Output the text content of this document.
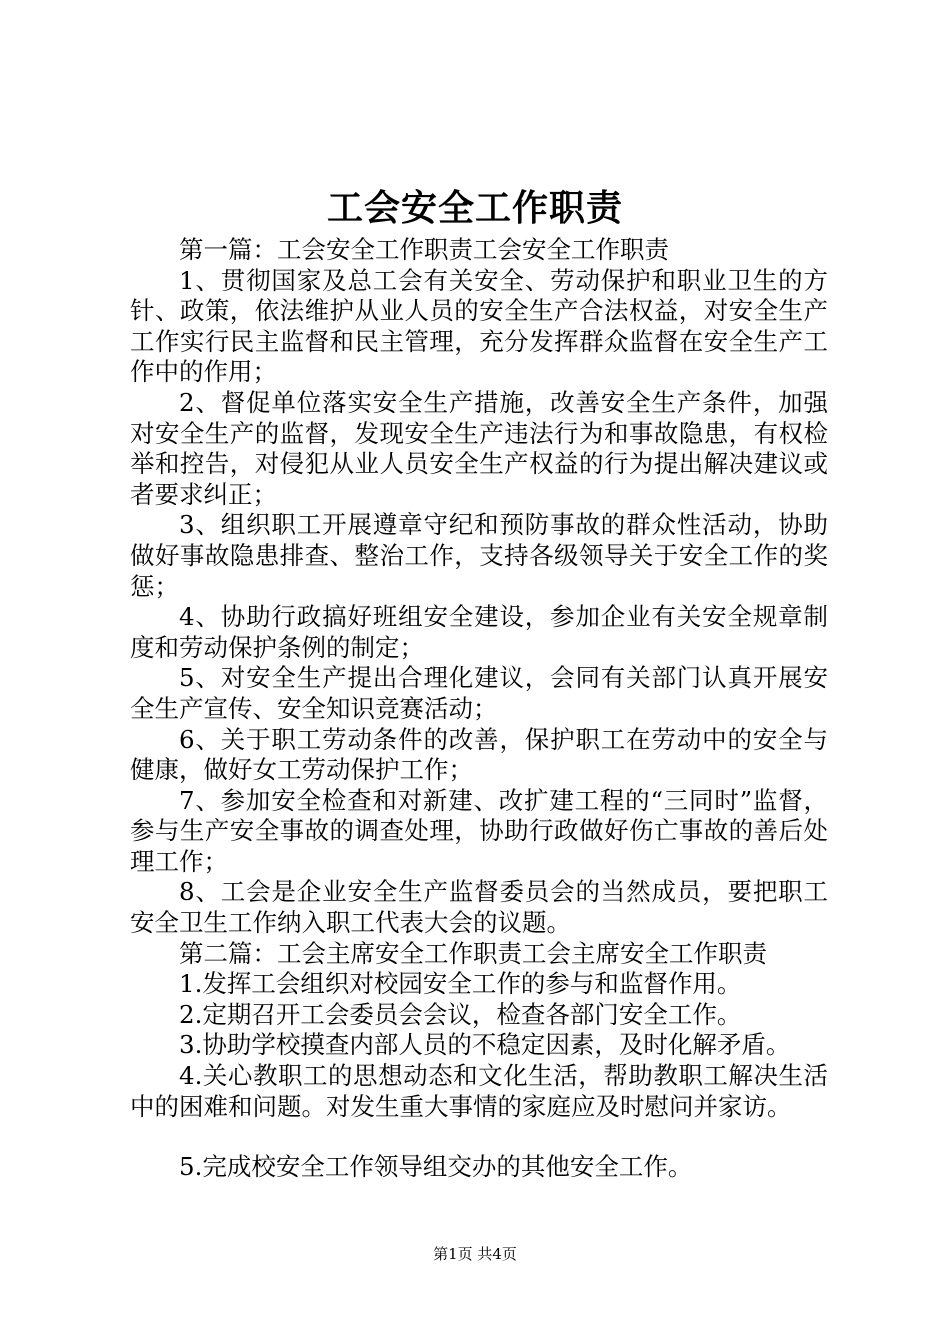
工会安全工作职责

第一篇：工会安全工作职责工会安全工作职责

1、贯彻国家及总工会有关安全、劳动保护和职业卫生的方针、政策，依法维护从业人员的安全生产合法权益，对安全生产工作实行民主监督和民主管理，充分发挥群众监督在安全生产工作中的作用；

2、督促单位落实安全生产措施，改善安全生产条件，加强对安全生产的监督，发现安全生产违法行为和事故隐患，有权检举和控告，对侵犯从业人员安全生产权益的行为提出解决建议或者要求纠正；

3、组织职工开展遵章守纪和预防事故的群众性活动，协助做好事故隐患排查、整治工作，支持各级领导关于安全工作的奖惩；

4、协助行政搞好班组安全建设，参加企业有关安全规章制度和劳动保护条例的制定；

5、对安全生产提出合理化建议，会同有关部门认真开展安全生产宣传、安全知识竞赛活动；

6、关于职工劳动条件的改善，保护职工在劳动中的安全与健康，做好女工劳动保护工作；

7、参加安全检查和对新建、改扩建工程的“三同时”监督，参与生产安全事故的调查处理，协助行政做好伤亡事故的善后处理工作；

8、工会是企业安全生产监督委员会的当然成员，要把职工安全卫生工作纳入职工代表大会的议题。

第二篇：工会主席安全工作职责工会主席安全工作职责

1.发挥工会组织对校园安全工作的参与和监督作用。

2.定期召开工会委员会会议，检查各部门安全工作。

3.协助学校摸查内部人员的不稳定因素，及时化解矛盾。

4.关心教职工的思想动态和文化生活，帮助教职工解决生活中的困难和问题。对发生重大事情的家庭应及时慰问并家访。

5.完成校安全工作领导组交办的其他安全工作。

第1页 共4页
